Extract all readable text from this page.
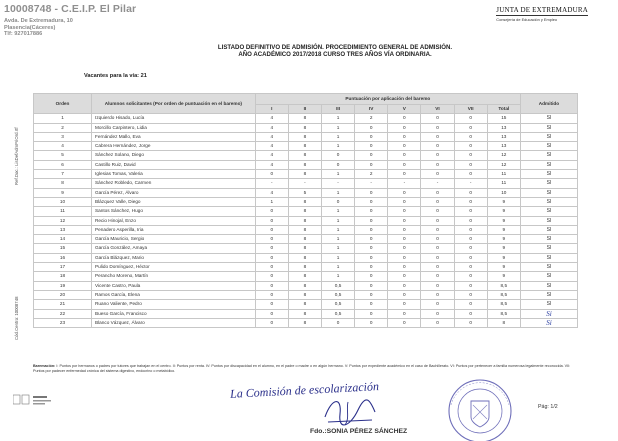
10008748 - C.E.I.P. El Pilar
Avda. De Extremadura, 10
Plasencia(Cáceres)
Tlf: 927017886
JUNTA DE EXTREMADURA
Consejería de Educación y Empleo
LISTADO DEFINITIVO DE ADMISIÓN. PROCEDIMIENTO GENERAL DE ADMISIÓN.
AÑO ACADÉMICO 2017/2018 CURSO TRES AÑOS VÍA ORDINARIA.
Vacantes para la vía: 21
Ref.Doc.: LisDefAdmPriOrd.rtf
Cód.Centro: 10008748
Orden	Alumnos solicitantes (Por orden de puntuación en el baremo)	Puntuación por aplicación del baremo								Admitido
		I	II	III	IV	V	VI	VII	Total	
1	Izquierdo Hisado, Lucía	4	8	1	2	0	0	0	15	SI
2	Morcillo Carpintero, Lidia	4	8	1	0	0	0	0	13	SI
3	Fernández Mallo, Eva	4	8	1	0	0	0	0	13	SI
4	Cabrera Hernández, Jorge	4	8	1	0	0	0	0	13	SI
5	Sánchez Solano, Diego	4	8	0	0	0	0	0	12	SI
6	Castillo Ruiz, David	4	8	0	0	0	0	0	12	SI
7	Iglesias Tomas, Valeria	0	8	1	2	0	0	0	11	SI
8	Sánchez Robledo, Carmen	-	-	-	-	-	-	-	11	SI
9	García Pérez, Álvaro	4	5	1	0	0	0	0	10	SI
10	Blázquez Valle, Diego	1	8	0	0	0	0	0	9	SI
11	Santos Sánchez, Hugo	0	8	1	0	0	0	0	9	SI
12	Recio Hinojal, Enzo	0	8	1	0	0	0	0	9	SI
13	Penadero Asperilla, Iria	0	8	1	0	0	0	0	9	SI
14	García Mauricio, Sergio	0	8	1	0	0	0	0	9	SI
15	García González, Amaya	0	8	1	0	0	0	0	9	SI
16	García Blázquez, Mario	0	8	1	0	0	0	0	9	SI
17	Pulido Domínguez, Héctor	0	8	1	0	0	0	0	9	SI
18	Perancho Moreno, Martín	0	8	1	0	0	0	0	9	SI
19	Vicente Castro, Paula	0	8	0,5	0	0	0	0	8,5	SI
20	Ramos García, Elena	0	8	0,5	0	0	0	0	8,5	SI
21	Ruano Valiente, Pedro	0	8	0,5	0	0	0	0	8,5	SI
22	Bueso García, Francisco	0	8	0,5	0	0	0	0	8,5	Si
23	Blanco Vázquez, Álvaro	0	8	0	0	0	0	0	8	Si
Baremación: I: Puntos por hermanos o padres por tutores que trabajan en el centro. II: Puntos por renta. IV: Puntos por discapacidad en el alumno, en el padre o madre o en algún hermano. V: Puntos por expediente académico en el caso de Bachillerato. VI: Puntos por pertenecer a familia numerosa legalmente reconocida. VII: Puntos por padecer enfermedad crónica del sistema digestivo, endocrino o metabólico.
La Comisión de escolarización
Fdo.:SONIA PÉREZ SÁNCHEZ
Pág: 1/2
